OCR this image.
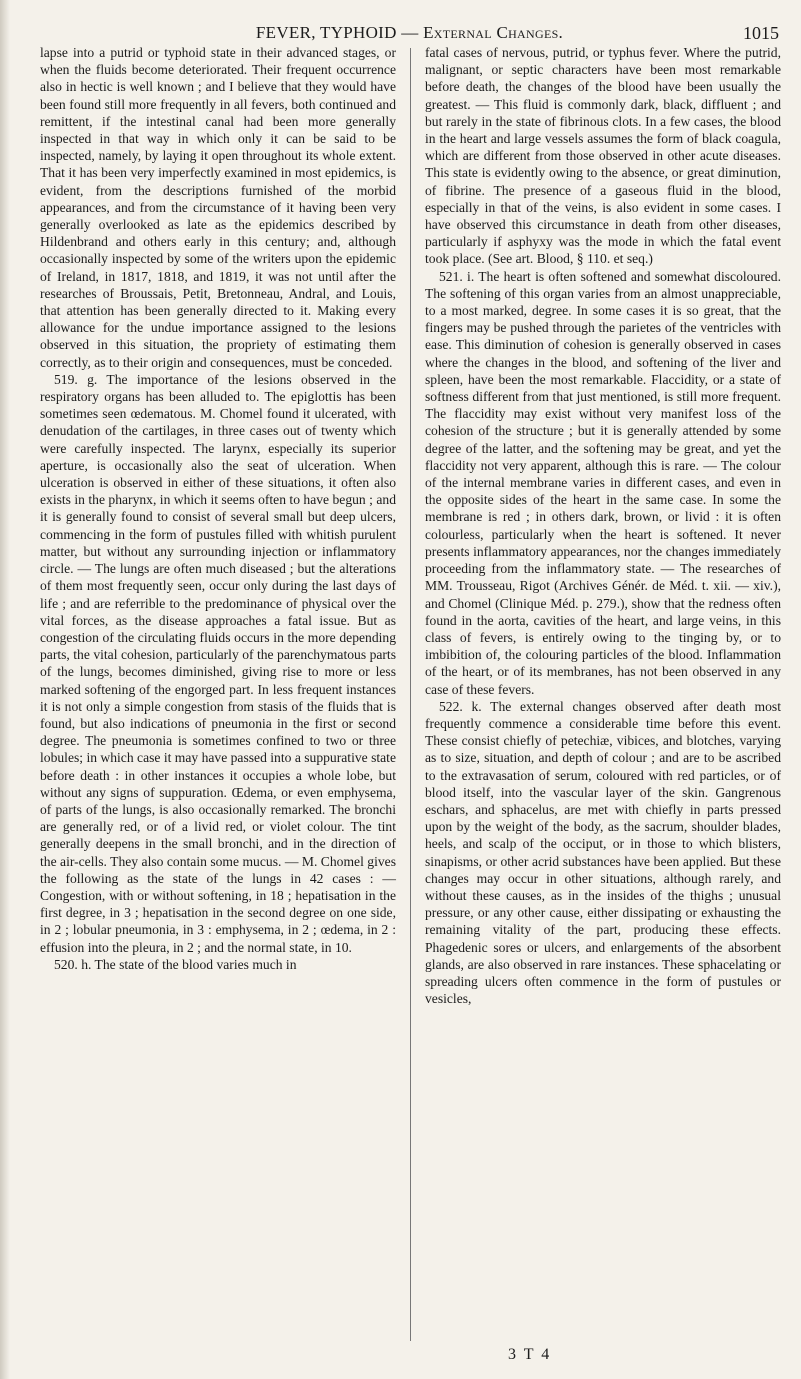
FEVER, TYPHOID — External Changes.	1015

lapse into a putrid or typhoid state in their advanced stages, or when the fluids become deteriorated. Their frequent occurrence also in hectic is well known ; and I believe that they would have been found still more frequently in all fevers, both continued and remittent, if the intestinal canal had been more generally inspected in that way in which only it can be said to be inspected, namely, by laying it open throughout its whole extent. That it has been very imperfectly examined in most epidemics, is evident, from the descriptions furnished of the morbid appearances, and from the circumstance of it having been very generally overlooked as late as the epidemics described by Hildenbrand and others early in this century; and, although occasionally inspected by some of the writers upon the epidemic of Ireland, in 1817, 1818, and 1819, it was not until after the researches of Broussais, Petit, Bretonneau, Andral, and Louis, that attention has been generally directed to it. Making every allowance for the undue importance assigned to the lesions observed in this situation, the propriety of estimating them correctly, as to their origin and consequences, must be conceded.

519. g. The importance of the lesions observed in the respiratory organs has been alluded to. The epiglottis has been sometimes seen œdematous. M. Chomel found it ulcerated, with denudation of the cartilages, in three cases out of twenty which were carefully inspected. The larynx, especially its superior aperture, is occasionally also the seat of ulceration. When ulceration is observed in either of these situations, it often also exists in the pharynx, in which it seems often to have begun ; and it is generally found to consist of several small but deep ulcers, commencing in the form of pustules filled with whitish purulent matter, but without any surrounding injection or inflammatory circle. — The lungs are often much diseased ; but the alterations of them most frequently seen, occur only during the last days of life ; and are referrible to the predominance of physical over the vital forces, as the disease approaches a fatal issue. But as congestion of the circulating fluids occurs in the more depending parts, the vital cohesion, particularly of the parenchymatous parts of the lungs, becomes diminished, giving rise to more or less marked softening of the engorged part. In less frequent instances it is not only a simple congestion from stasis of the fluids that is found, but also indications of pneumonia in the first or second degree. The pneumonia is sometimes confined to two or three lobules; in which case it may have passed into a suppurative state before death : in other instances it occupies a whole lobe, but without any signs of suppuration. Œdema, or even emphysema, of parts of the lungs, is also occasionally remarked. The bronchi are generally red, or of a livid red, or violet colour. The tint generally deepens in the small bronchi, and in the direction of the air-cells. They also contain some mucus. — M. Chomel gives the following as the state of the lungs in 42 cases : — Congestion, with or without softening, in 18 ; hepatisation in the first degree, in 3 ; hepatisation in the second degree on one side, in 2 ; lobular pneumonia, in 3 : emphysema, in 2 ; œdema, in 2 : effusion into the pleura, in 2 ; and the normal state, in 10.

520. h. The state of the blood varies much in

fatal cases of nervous, putrid, or typhus fever. Where the putrid, malignant, or septic characters have been most remarkable before death, the changes of the blood have been usually the greatest. — This fluid is commonly dark, black, diffluent ; and but rarely in the state of fibrinous clots. In a few cases, the blood in the heart and large vessels assumes the form of black coagula, which are different from those observed in other acute diseases. This state is evidently owing to the absence, or great diminution, of fibrine. The presence of a gaseous fluid in the blood, especially in that of the veins, is also evident in some cases. I have observed this circumstance in death from other diseases, particularly if asphyxy was the mode in which the fatal event took place. (See art. Blood, § 110. et seq.)

521. i. The heart is often softened and somewhat discoloured. The softening of this organ varies from an almost unappreciable, to a most marked, degree. In some cases it is so great, that the fingers may be pushed through the parietes of the ventricles with ease. This diminution of cohesion is generally observed in cases where the changes in the blood, and softening of the liver and spleen, have been the most remarkable. Flaccidity, or a state of softness different from that just mentioned, is still more frequent. The flaccidity may exist without very manifest loss of the cohesion of the structure ; but it is generally attended by some degree of the latter, and the softening may be great, and yet the flaccidity not very apparent, although this is rare. — The colour of the internal membrane varies in different cases, and even in the opposite sides of the heart in the same case. In some the membrane is red ; in others dark, brown, or livid : it is often colourless, particularly when the heart is softened. It never presents inflammatory appearances, nor the changes immediately proceeding from the inflammatory state. — The researches of MM. Trousseau, Rigot (Archives Génér. de Méd. t. xii. — xiv.), and Chomel (Clinique Méd. p. 279.), show that the redness often found in the aorta, cavities of the heart, and large veins, in this class of fevers, is entirely owing to the tinging by, or to imbibition of, the colouring particles of the blood. Inflammation of the heart, or of its membranes, has not been observed in any case of these fevers.

522. k. The external changes observed after death most frequently commence a considerable time before this event. These consist chiefly of petechiæ, vibices, and blotches, varying as to size, situation, and depth of colour ; and are to be ascribed to the extravasation of serum, coloured with red particles, or of blood itself, into the vascular layer of the skin. Gangrenous eschars, and sphacelus, are met with chiefly in parts pressed upon by the weight of the body, as the sacrum, shoulder blades, heels, and scalp of the occiput, or in those to which blisters, sinapisms, or other acrid substances have been applied. But these changes may occur in other situations, although rarely, and without these causes, as in the insides of the thighs ; unusual pressure, or any other cause, either dissipating or exhausting the remaining vitality of the part, producing these effects. Phagedenic sores or ulcers, and enlargements of the absorbent glands, are also observed in rare instances. These sphacelating or spreading ulcers often commence in the form of pustules or vesicles,

3 T 4
